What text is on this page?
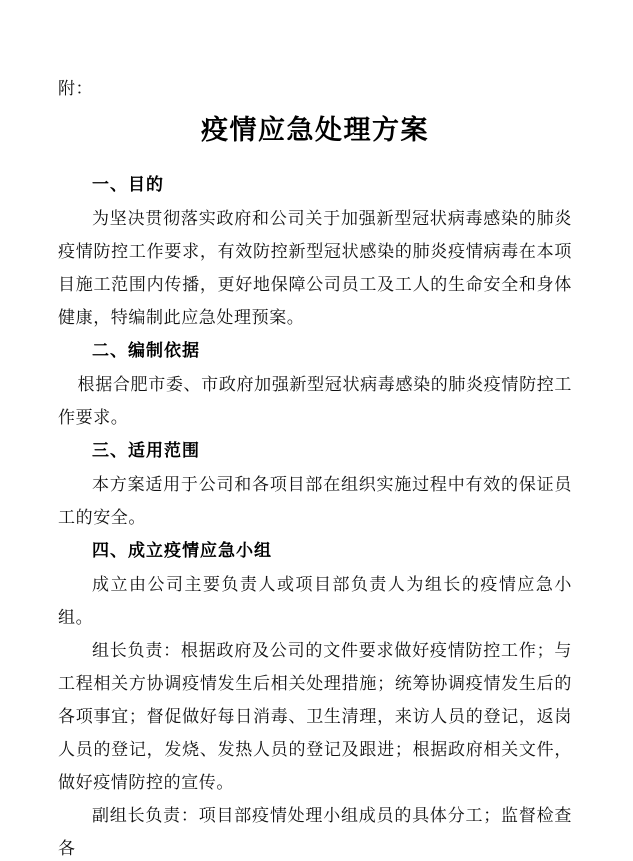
附：
疫情应急处理方案
一、目的

为坚决贯彻落实政府和公司关于加强新型冠状病毒感染的肺炎疫情防控工作要求，有效防控新型冠状感染的肺炎疫情病毒在本项目施工范围内传播，更好地保障公司员工及工人的生命安全和身体健康，特编制此应急处理预案。

二、编制依据

根据合肥市委、市政府加强新型冠状病毒感染的肺炎疫情防控工作要求。

三、适用范围

本方案适用于公司和各项目部在组织实施过程中有效的保证员工的安全。

四、成立疫情应急小组

成立由公司主要负责人或项目部负责人为组长的疫情应急小组。

组长负责：根据政府及公司的文件要求做好疫情防控工作；与工程相关方协调疫情发生后相关处理措施；统筹协调疫情发生后的各项事宜；督促做好每日消毒、卫生清理，来访人员的登记，返岗人员的登记，发烧、发热人员的登记及跟进；根据政府相关文件，做好疫情防控的宣传。

副组长负责：项目部疫情处理小组成员的具体分工；监督检查各
